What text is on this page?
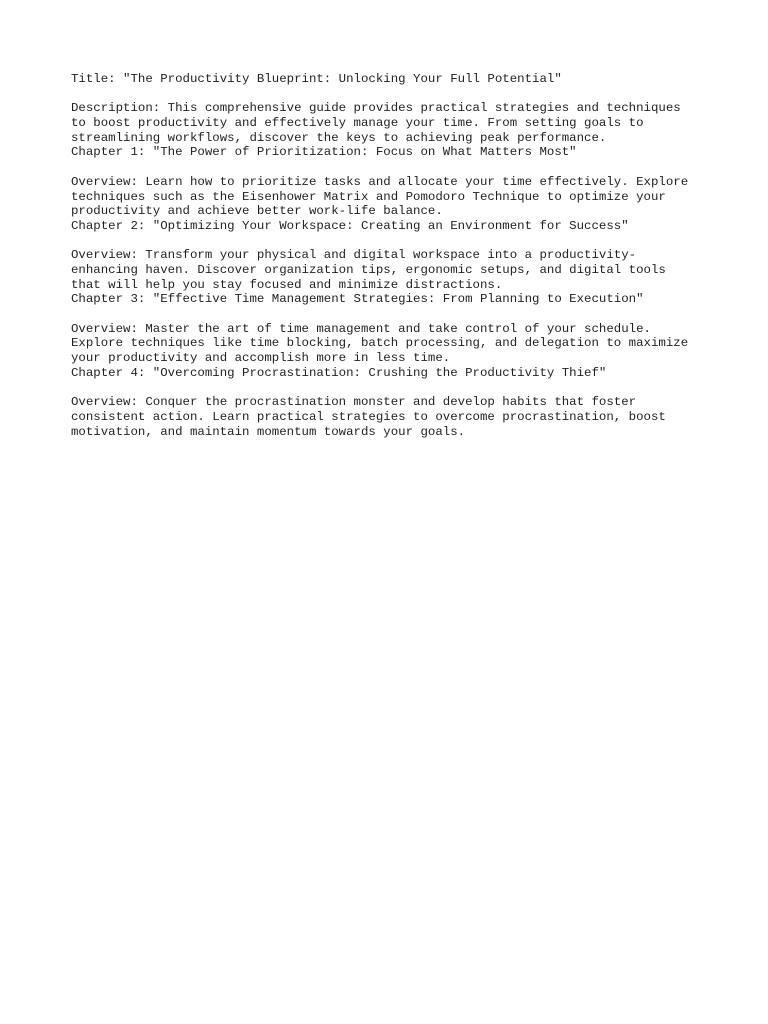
Title: "The Productivity Blueprint: Unlocking Your Full Potential"
Description: This comprehensive guide provides practical strategies and techniques
to boost productivity and effectively manage your time. From setting goals to
streamlining workflows, discover the keys to achieving peak performance.
Chapter 1: "The Power of Prioritization: Focus on What Matters Most"
Overview: Learn how to prioritize tasks and allocate your time effectively. Explore
techniques such as the Eisenhower Matrix and Pomodoro Technique to optimize your
productivity and achieve better work-life balance.
Chapter 2: "Optimizing Your Workspace: Creating an Environment for Success"
Overview: Transform your physical and digital workspace into a productivity-
enhancing haven. Discover organization tips, ergonomic setups, and digital tools
that will help you stay focused and minimize distractions.
Chapter 3: "Effective Time Management Strategies: From Planning to Execution"
Overview: Master the art of time management and take control of your schedule.
Explore techniques like time blocking, batch processing, and delegation to maximize
your productivity and accomplish more in less time.
Chapter 4: "Overcoming Procrastination: Crushing the Productivity Thief"
Overview: Conquer the procrastination monster and develop habits that foster
consistent action. Learn practical strategies to overcome procrastination, boost
motivation, and maintain momentum towards your goals.
